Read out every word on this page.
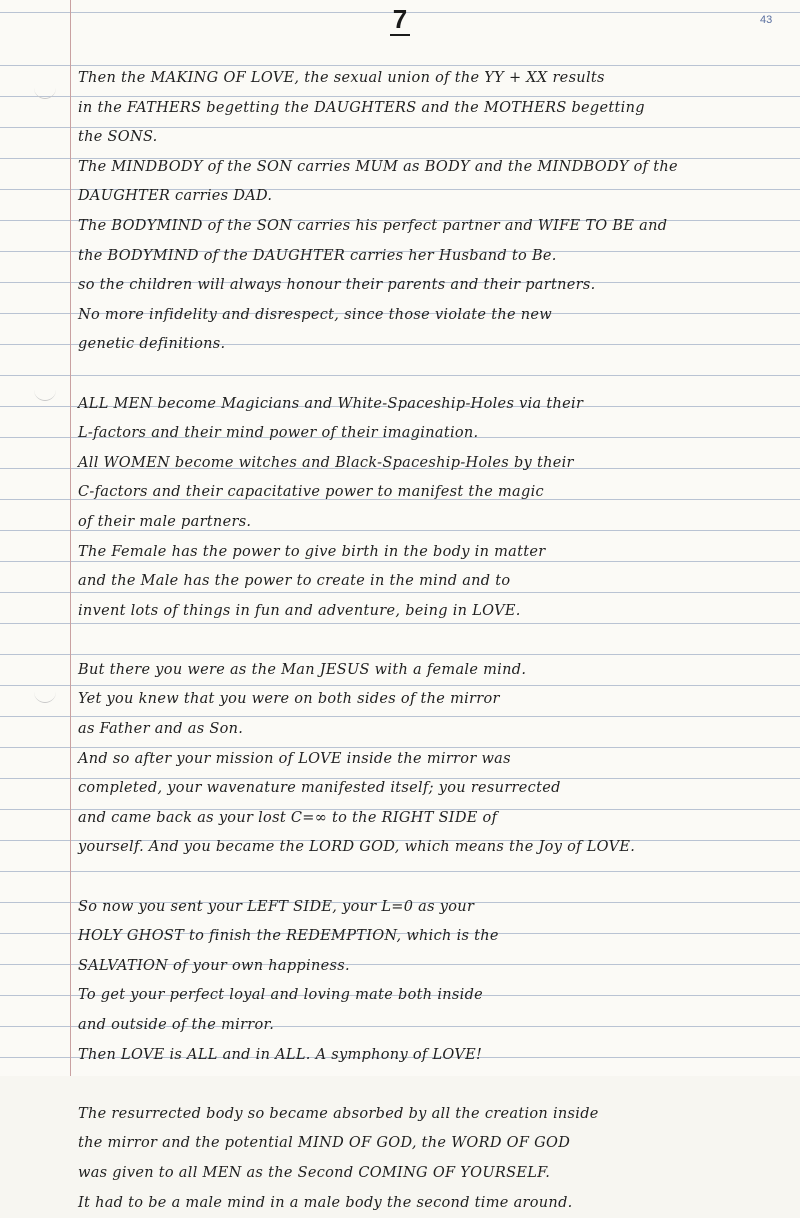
7	43
Then the MAKING OF LOVE, the sexual union of the YY + XX results
in the FATHERS begetting the DAUGHTERS and the MOTHERS begetting
the SONS.
The MINDBODY of the SON carries MUM as BODY and the MINDBODY of the
DAUGHTER carries DAD.
The BODYMIND of the SON carries his perfect partner and WIFE TO BE and
the BODYMIND of the DAUGHTER carries her Husband to Be.
so the children will always honour their parents and their partners.
No more infidelity and disrespect, since those violate the new
genetic definitions.
ALL MEN become Magicians and White-Spaceship-Holes via their
L-factors and their mind power of their imagination.
All WOMEN become witches and Black-Spaceship-Holes by their
C-factors and their capacitative power to manifest the magic
of their male partners.
The Female has the power to give birth in the body in matter
and the Male has the power to create in the mind and to
invent lots of things in fun and adventure, being in LOVE.
But there you were as the Man JESUS with a female mind.
Yet you knew that you were on both sides of the mirror
as Father and as Son.
And so after your mission of LOVE inside the mirror was
completed, your wavenature manifested itself; you resurrected
and came back as your lost C=∞ to the RIGHT SIDE of
yourself. And you became the LORD GOD, which means the Joy of LOVE.
So now you sent your LEFT SIDE, your L=0 as your
HOLY GHOST to finish the REDEMPTION, which is the
SALVATION of your own happiness.
To get your perfect loyal and loving mate both inside
and outside of the mirror.
Then LOVE is ALL and in ALL. A symphony of LOVE!
The resurrected body so became absorbed by all the creation inside
the mirror and the potential MIND OF GOD, the WORD OF GOD
was given to all MEN as the Second COMING OF YOURSELF.
It had to be a male mind in a male body the second time around.
